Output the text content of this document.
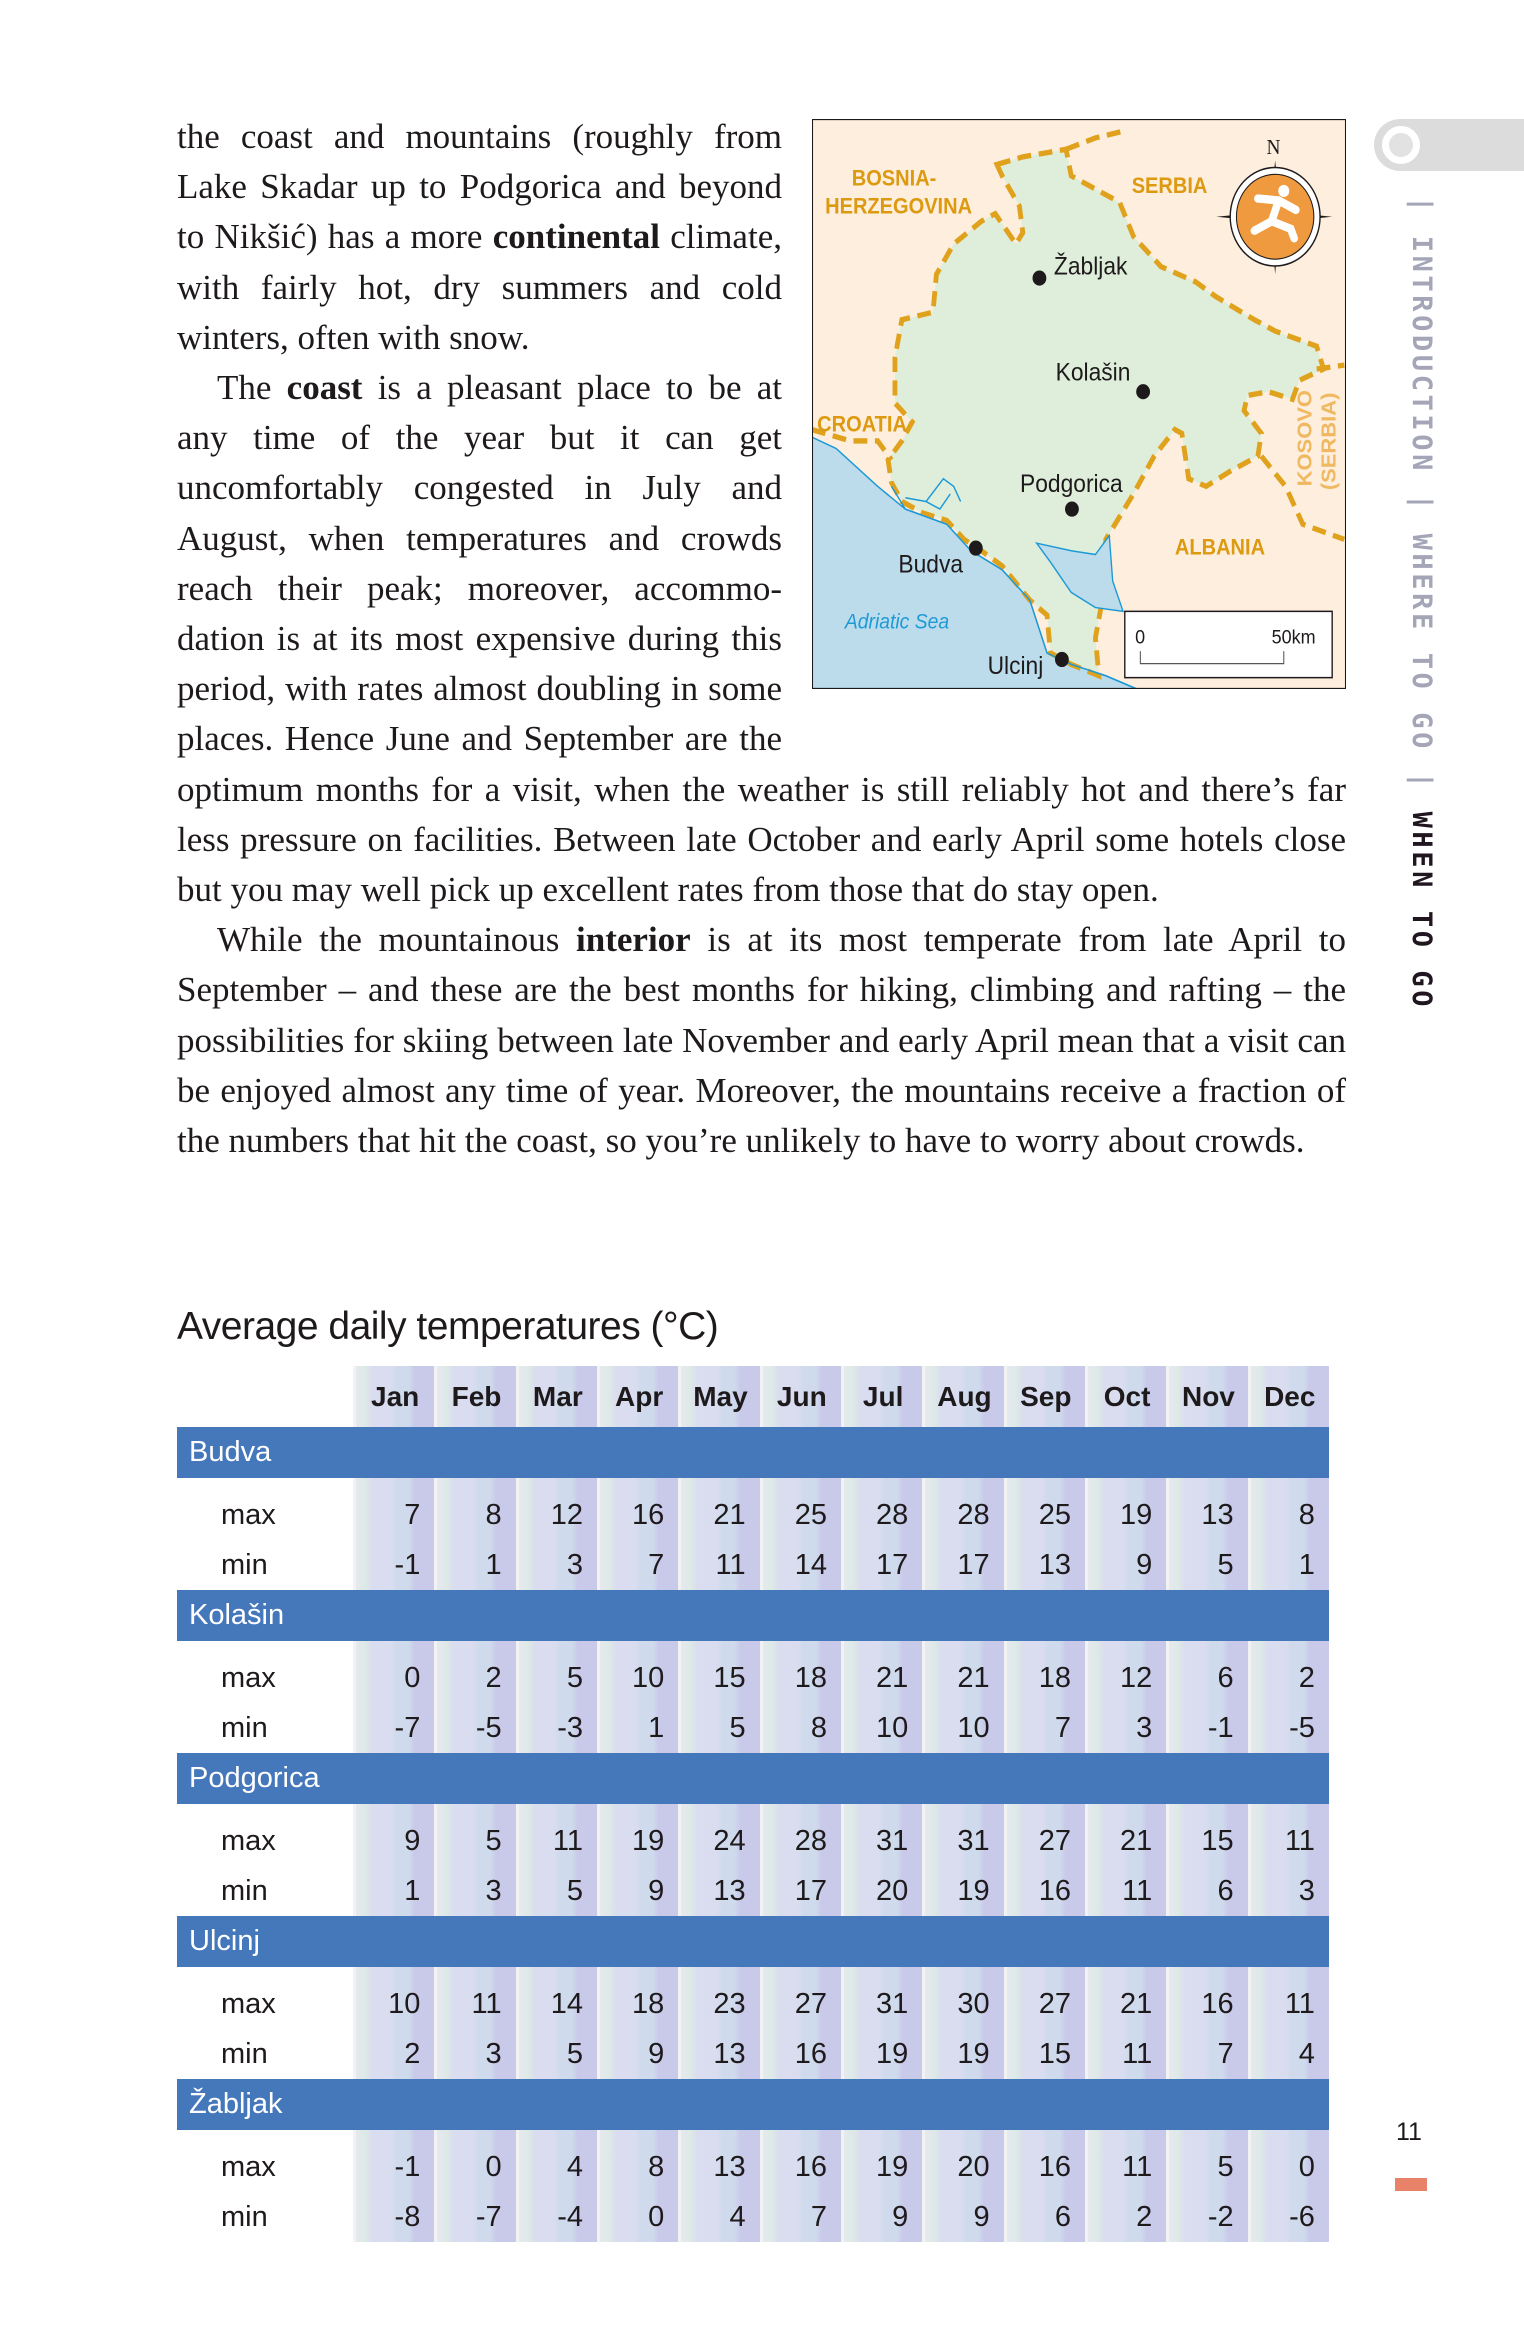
the coast and mountains (roughly from Lake Skadar up to Podgorica and beyond to Nikšić) has a more continental climate, with fairly hot, dry summers and cold winters, often with snow.

The coast is a pleasant place to be at any time of the year but it can get uncomfortably congested in July and August, when temperatures and crowds reach their peak; moreover, accommodation is at its most expensive during this period, with rates almost doubling in some places. Hence June and September are the optimum months for a visit, when the weather is still reliably hot and there’s far less pressure on facilities. Between late October and early April some hotels close but you may well pick up excellent rates from those that do stay open.

While the mountainous interior is at its most temperate from late April to September – and these are the best months for hiking, climbing and rafting – the possibilities for skiing between late November and early April mean that a visit can be enjoyed almost any time of year. Moreover, the mountains receive a fraction of the numbers that hit the coast, so you’re unlikely to have to worry about crowds.

BOSNIA-
HERZEGOVINA
SERBIA
CROATIA
ALBANIA
KOSOVO (SERBIA)
Adriatic Sea
Žabljak
Kolašin
Podgorica
Budva
Ulcinj
N
0 50km
| INTRODUCTION | WHERE TO GO | WHEN TO GO
Average daily temperatures (°C)
Jan	Feb	Mar	Apr	May	Jun	Jul	Aug	Sep	Oct	Nov	Dec
Budva
max	7	8	12	16	21	25	28	28	25	19	13	8
min	-1	1	3	7	11	14	17	17	13	9	5	1
Kolašin
max	0	2	5	10	15	18	21	21	18	12	6	2
min	-7	-5	-3	1	5	8	10	10	7	3	-1	-5
Podgorica
max	9	5	11	19	24	28	31	31	27	21	15	11
min	1	3	5	9	13	17	20	19	16	11	6	3
Ulcinj
max	10	11	14	18	23	27	31	30	27	21	16	11
min	2	3	5	9	13	16	19	19	15	11	7	4
Žabljak
max	-1	0	4	8	13	16	19	20	16	11	5	0
min	-8	-7	-4	0	4	7	9	9	6	2	-2	-6
11
